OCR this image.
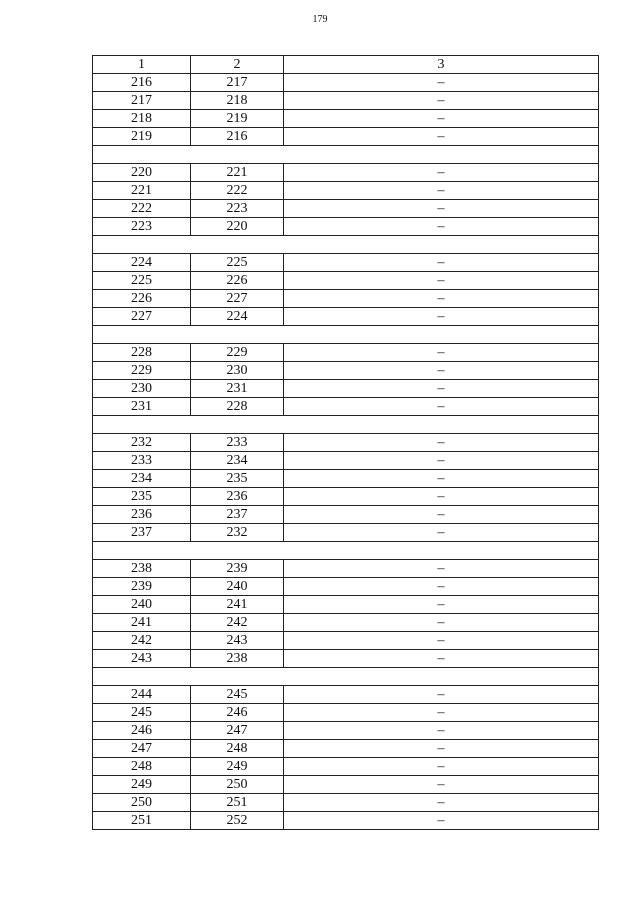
179
1	2	3
216	217	–
217	218	–
218	219	–
219	216	–

220	221	–
221	222	–
222	223	–
223	220	–

224	225	–
225	226	–
226	227	–
227	224	–

228	229	–
229	230	–
230	231	–
231	228	–

232	233	–
233	234	–
234	235	–
235	236	–
236	237	–
237	232	–

238	239	–
239	240	–
240	241	–
241	242	–
242	243	–
243	238	–

244	245	–
245	246	–
246	247	–
247	248	–
248	249	–
249	250	–
250	251	–
251	252	–
